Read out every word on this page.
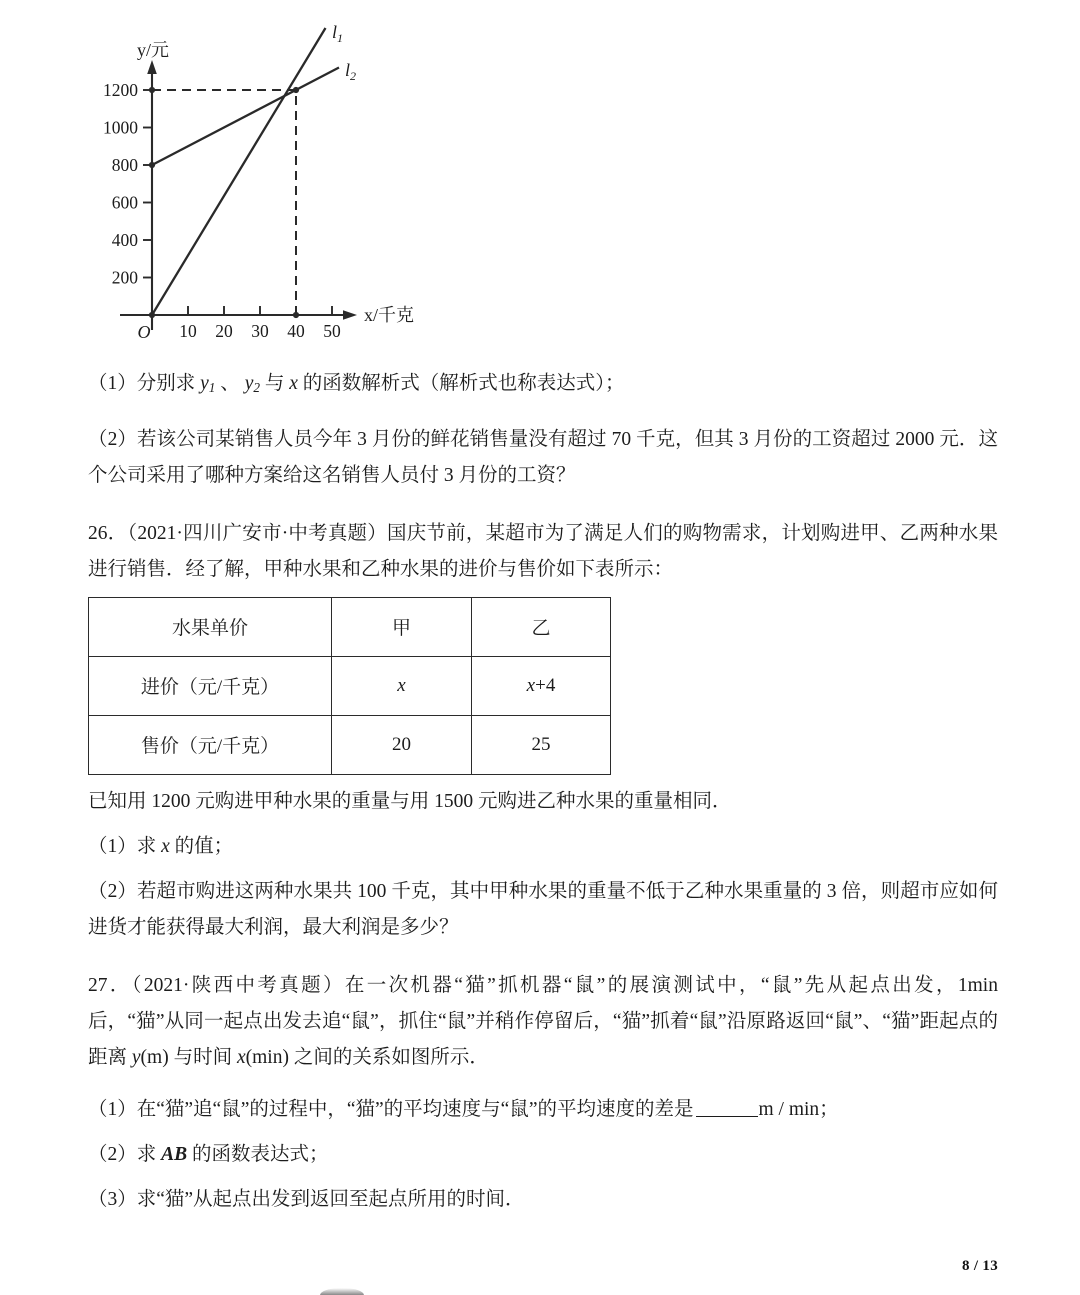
1200
1000
800
600
400
200
10 20 30 40 50
O
y/元
x/千克
$l_1$
$l_2$

（1）分别求 $y_1$ 、 $y_2$ 与 x 的函数解析式（解析式也称表达式）；

（2）若该公司某销售人员今年 3 月份的鲜花销售量没有超过 70 千克，但其 3 月份的工资超过 2000 元．这个公司采用了哪种方案给这名销售人员付 3 月份的工资？

26．（2021·四川广安市·中考真题）国庆节前，某超市为了满足人们的购物需求，计划购进甲、乙两种水果进行销售．经了解，甲种水果和乙种水果的进价与售价如下表所示：

水果单价	甲	乙
进价（元/千克）	x	x+4
售价（元/千克）	20	25

已知用 1200 元购进甲种水果的重量与用 1500 元购进乙种水果的重量相同．

（1）求 x 的值；

（2）若超市购进这两种水果共 100 千克，其中甲种水果的重量不低于乙种水果重量的 3 倍，则超市应如何进货才能获得最大利润，最大利润是多少？

27．（2021·陕西中考真题）在一次机器“猫”抓机器“鼠”的展演测试中，“鼠”先从起点出发，1min 后，“猫”从同一起点出发去追“鼠”，抓住“鼠”并稍作停留后，“猫”抓着“鼠”沿原路返回“鼠”、“猫”距起点的距离 y(m) 与时间 x(min) 之间的关系如图所示．

（1）在“猫”追“鼠”的过程中，“猫”的平均速度与“鼠”的平均速度的差是	m / min；

（2）求 AB 的函数表达式；

（3）求“猫”从起点出发到返回至起点所用的时间．

8 / 13
